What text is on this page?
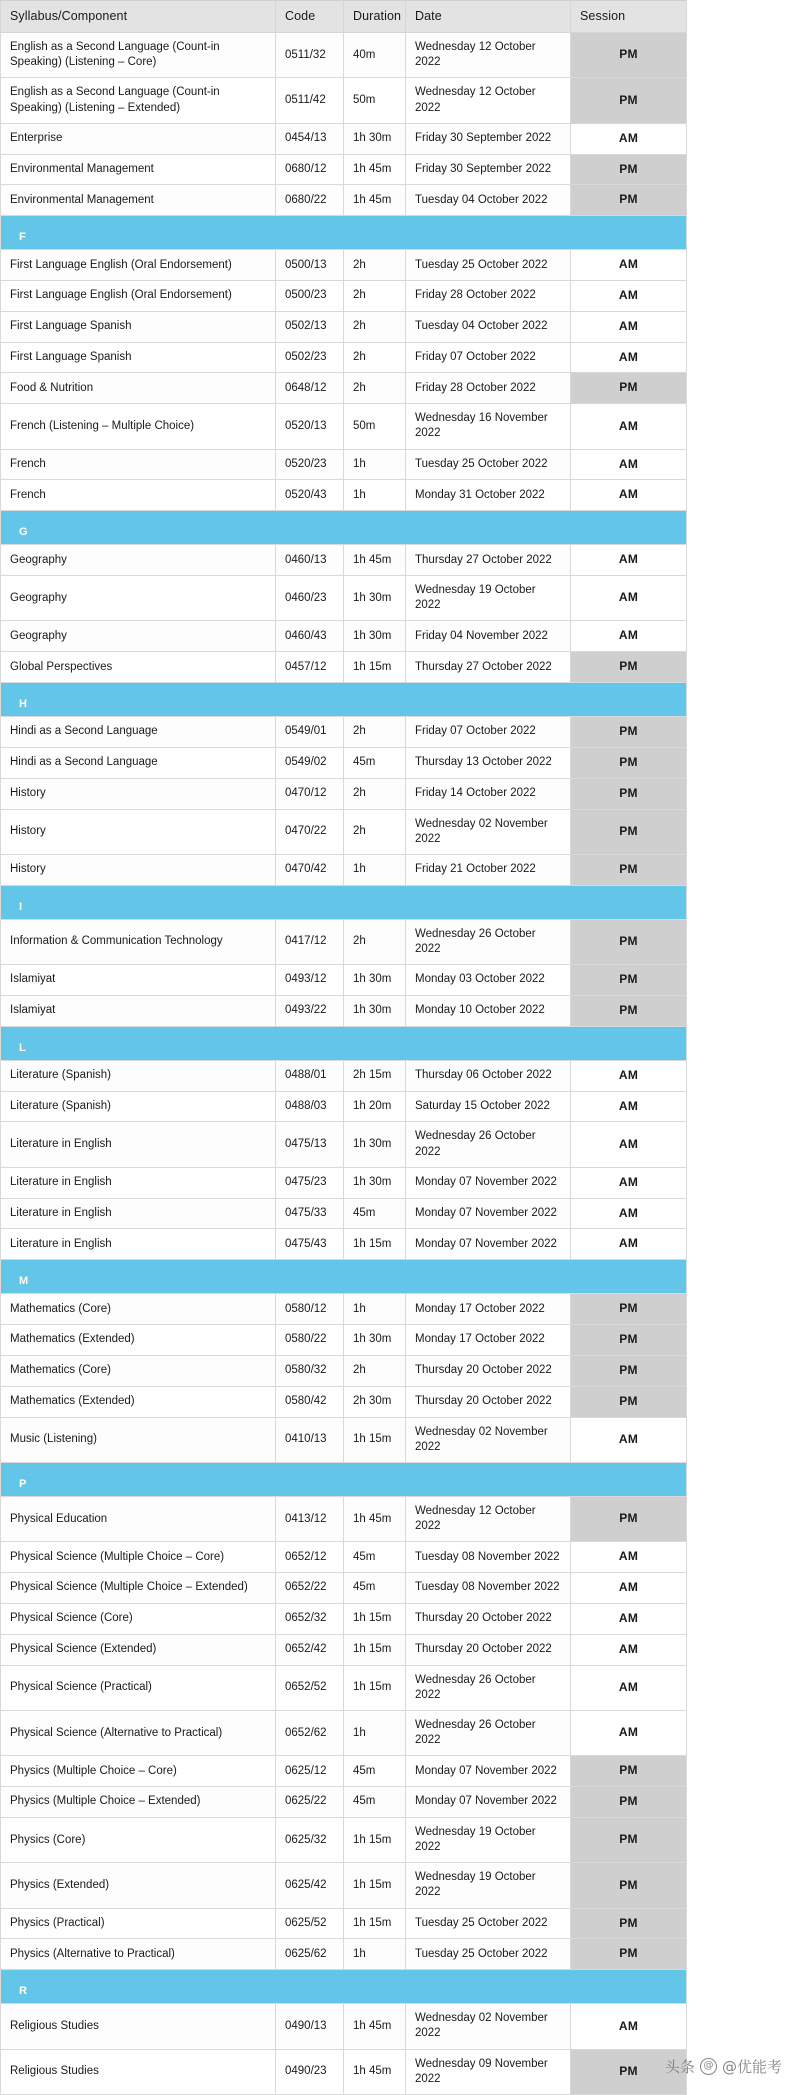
Syllabus/Component	Code	Duration	Date	Session
English as a Second Language (Count-in Speaking) (Listening – Core)	0511/32	40m	Wednesday 12 October 2022	PM
English as a Second Language (Count-in Speaking) (Listening – Extended)	0511/42	50m	Wednesday 12 October 2022	PM
Enterprise	0454/13	1h 30m	Friday 30 September 2022	AM
Environmental Management	0680/12	1h 45m	Friday 30 September 2022	PM
Environmental Management	0680/22	1h 45m	Tuesday 04 October 2022	PM

F				

First Language English (Oral Endorsement)	0500/13	2h	Tuesday 25 October 2022	AM
First Language English (Oral Endorsement)	0500/23	2h	Friday 28 October 2022	AM
First Language Spanish	0502/13	2h	Tuesday 04 October 2022	AM
First Language Spanish	0502/23	2h	Friday 07 October 2022	AM
Food & Nutrition	0648/12	2h	Friday 28 October 2022	PM
French (Listening – Multiple Choice)	0520/13	50m	Wednesday 16 November 2022	AM
French	0520/23	1h	Tuesday 25 October 2022	AM
French	0520/43	1h	Monday 31 October 2022	AM

G				

Geography	0460/13	1h 45m	Thursday 27 October 2022	AM
Geography	0460/23	1h 30m	Wednesday 19 October 2022	AM
Geography	0460/43	1h 30m	Friday 04 November 2022	AM
Global Perspectives	0457/12	1h 15m	Thursday 27 October 2022	PM

H				

Hindi as a Second Language	0549/01	2h	Friday 07 October 2022	PM
Hindi as a Second Language	0549/02	45m	Thursday 13 October 2022	PM
History	0470/12	2h	Friday 14 October 2022	PM
History	0470/22	2h	Wednesday 02 November 2022	PM
History	0470/42	1h	Friday 21 October 2022	PM

I				

Information & Communication Technology	0417/12	2h	Wednesday 26 October 2022	PM
Islamiyat	0493/12	1h 30m	Monday 03 October 2022	PM
Islamiyat	0493/22	1h 30m	Monday 10 October 2022	PM

L				

Literature (Spanish)	0488/01	2h 15m	Thursday 06 October 2022	AM
Literature (Spanish)	0488/03	1h 20m	Saturday 15 October 2022	AM
Literature in English	0475/13	1h 30m	Wednesday 26 October 2022	AM
Literature in English	0475/23	1h 30m	Monday 07 November 2022	AM
Literature in English	0475/33	45m	Monday 07 November 2022	AM
Literature in English	0475/43	1h 15m	Monday 07 November 2022	AM

M				

Mathematics (Core)	0580/12	1h	Monday 17 October 2022	PM
Mathematics (Extended)	0580/22	1h 30m	Monday 17 October 2022	PM
Mathematics (Core)	0580/32	2h	Thursday 20 October 2022	PM
Mathematics (Extended)	0580/42	2h 30m	Thursday 20 October 2022	PM
Music (Listening)	0410/13	1h 15m	Wednesday 02 November 2022	AM

P				

Physical Education	0413/12	1h 45m	Wednesday 12 October 2022	PM
Physical Science (Multiple Choice – Core)	0652/12	45m	Tuesday 08 November 2022	AM
Physical Science (Multiple Choice – Extended)	0652/22	45m	Tuesday 08 November 2022	AM
Physical Science (Core)	0652/32	1h 15m	Thursday 20 October 2022	AM
Physical Science (Extended)	0652/42	1h 15m	Thursday 20 October 2022	AM
Physical Science (Practical)	0652/52	1h 15m	Wednesday 26 October 2022	AM
Physical Science (Alternative to Practical)	0652/62	1h	Wednesday 26 October 2022	AM
Physics (Multiple Choice – Core)	0625/12	45m	Monday 07 November 2022	PM
Physics (Multiple Choice – Extended)	0625/22	45m	Monday 07 November 2022	PM
Physics (Core)	0625/32	1h 15m	Wednesday 19 October 2022	PM
Physics (Extended)	0625/42	1h 15m	Wednesday 19 October 2022	PM
Physics (Practical)	0625/52	1h 15m	Tuesday 25 October 2022	PM
Physics (Alternative to Practical)	0625/62	1h	Tuesday 25 October 2022	PM

R				

Religious Studies	0490/13	1h 45m	Wednesday 02 November 2022	AM
Religious Studies	0490/23	1h 45m	Wednesday 09 November 2022	PM 头条 @ @优能考
